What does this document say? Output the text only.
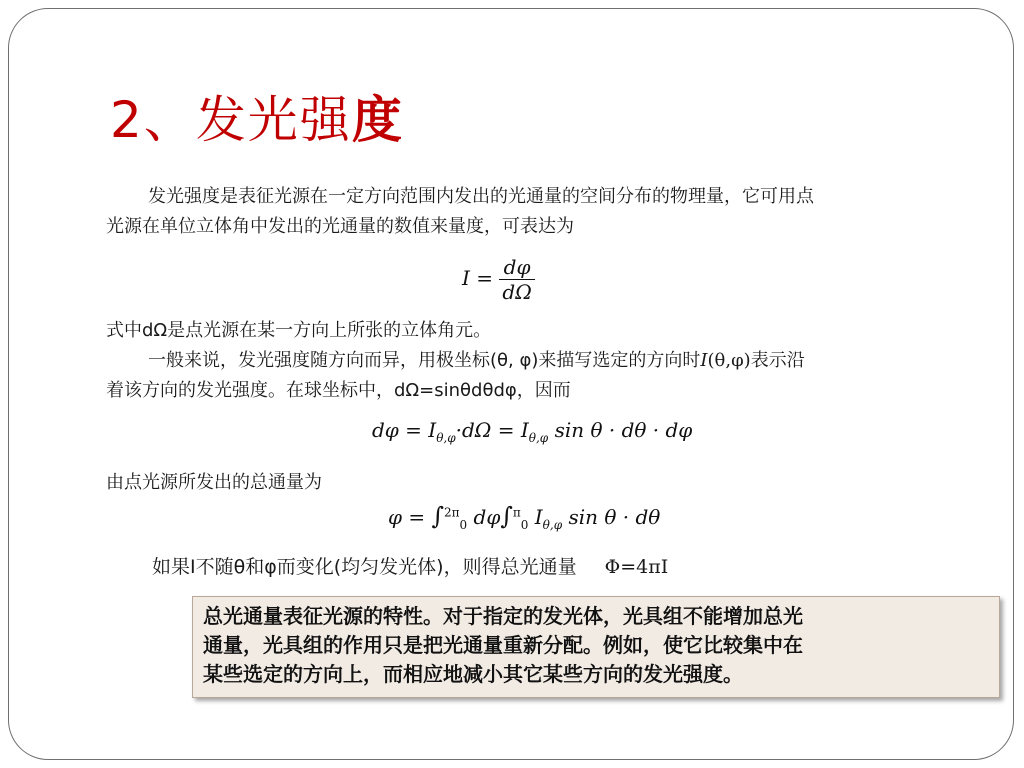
2、发光强度
发光强度是表征光源在一定方向范围内发出的光通量的空间分布的物理量，它可用点
光源在单位立体角中发出的光通量的数值来量度，可表达为
$I = \frac{d\varphi}{d\Omega}$
式中dΩ是点光源在某一方向上所张的立体角元。
一般来说，发光强度随方向而异，用极坐标(θ, φ)来描写选定的方向时I(θ,φ)表示沿
着该方向的发光强度。在球坐标中，dΩ=sinθdθdφ，因而
$d\varphi = I_{\theta,\varphi}\cdot d\Omega = I_{\theta,\varphi}$ sin θ · dθ · dφ
由点光源所发出的总通量为
φ = ∫$^{2\pi}_0$ dφ∫$^\pi_0$ $I_{\theta,\varphi}$ sin θ · dθ
如果I不随θ和φ而变化(均匀发光体)，则得总光通量 Φ=4πI
总光通量表征光源的特性。对于指定的发光体，光具组不能增加总光
通量，光具组的作用只是把光通量重新分配。例如，使它比较集中在
某些选定的方向上，而相应地减小其它某些方向的发光强度。
